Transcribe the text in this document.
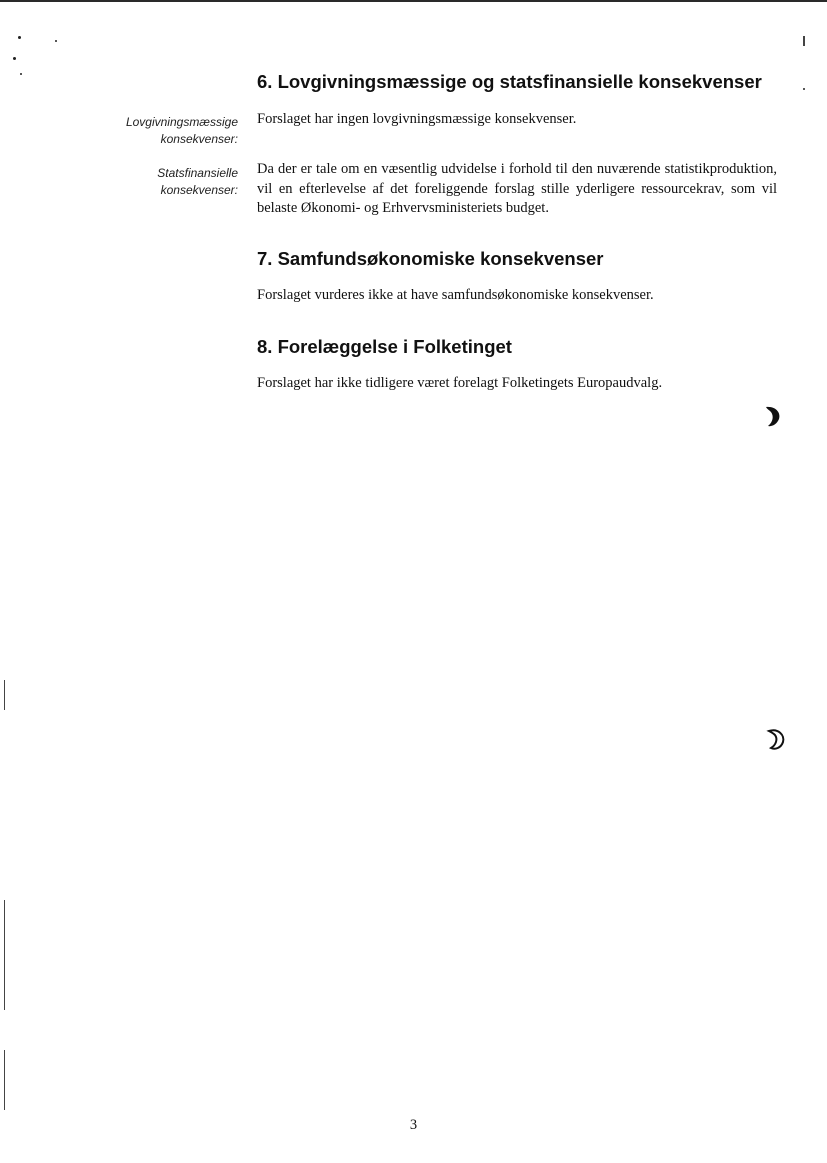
6. Lovgivningsmæssige og statsfinansielle konsekvenser
Lovgivningsmæssige
konsekvenser:

Forslaget har ingen lovgivningsmæssige konsekvenser.

Statsfinansielle
konsekvenser:

Da der er tale om en væsentlig udvidelse i forhold til den nuværende statistikproduktion, vil en efterlevelse af det foreliggende forslag stille yderligere ressourcekrav, som vil belaste Økonomi- og Erhvervsministeriets budget.

7. Samfundsøkonomiske konsekvenser

Forslaget vurderes ikke at have samfundsøkonomiske konsekvenser.

8. Forelæggelse i Folketinget

Forslaget har ikke tidligere været forelagt Folketingets Europaudvalg.

3
